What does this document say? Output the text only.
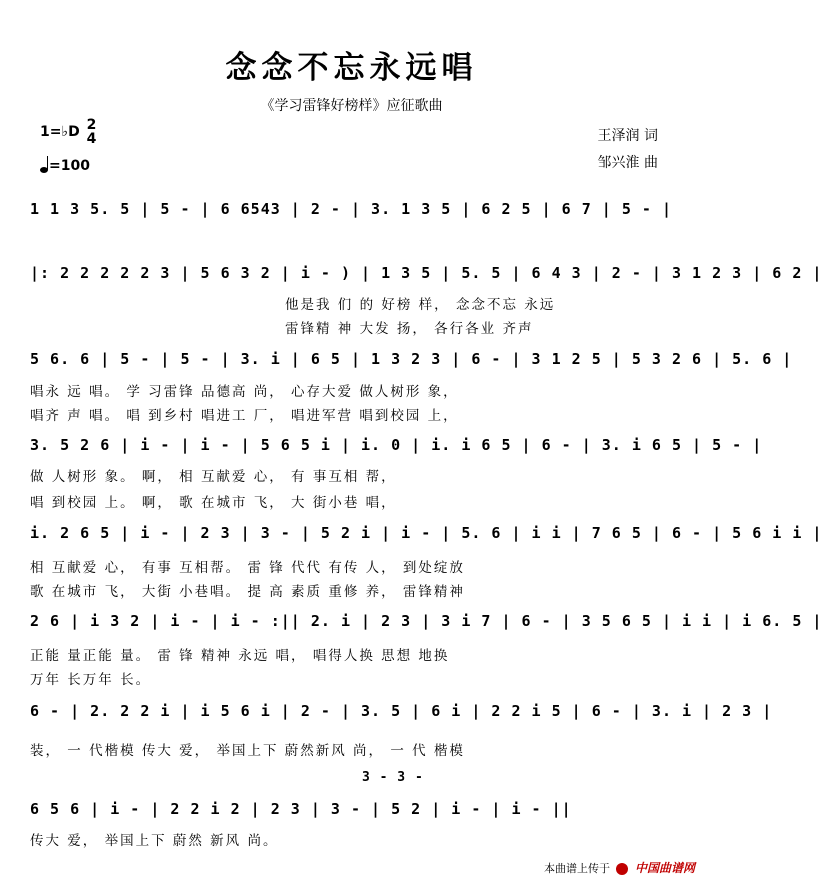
念念不忘永远唱
《学习雷锋好榜样》应征歌曲
1=♭D 2
4
=100
王泽润 词
邹兴淮 曲
1 1 3 5. 5 | 5 - | 6 6543 | 2 - | 3. 1 3 5 | 6 2 5 | 6 7 | 5 - |
|: 2 2 2 2 2 3 | 5 6 3 2 | i - ) | 1 3 5 | 5. 5 | 6 4 3 | 2 - | 3 1 2 3 | 6 2 |
他是我 们 的 好榜 样， 念念不忘 永远
雷锋精 神 大发 扬， 各行各业 齐声
5 6. 6 | 5 - | 5 - | 3. i | 6 5 | 1 3 2 3 | 6 - | 3 1 2 5 | 5 3 2 6 | 5. 6 |
唱永 远 唱。 学 习雷锋 品德高 尚， 心存大爱 做人树形 象，
唱齐 声 唱。 唱 到乡村 唱进工 厂， 唱进军营 唱到校园 上，
3. 5 2 6 | i - | i - | 5 6 5 i | i. 0 | i. i 6 5 | 6 - | 3. i 6 5 | 5 - |
做 人树形 象。 啊， 相 互献爱 心， 有 事互相 帮，
唱 到校园 上。 啊， 歌 在城市 飞， 大 街小巷 唱，
i. 2 6 5 | i - | 2 3 | 3 - | 5 2 i | i - | 5. 6 | i i | 7 6 5 | 6 - | 5 6 i i |
相 互献爱 心， 有事 互相帮。 雷 锋 代代 有传 人， 到处绽放
歌 在城市 飞， 大街 小巷唱。 提 高 素质 重修 养， 雷锋精神
2 6 | i 3 2 | i - | i - :|| 2. i | 2 3 | 3 i 7 | 6 - | 3 5 6 5 | i i | i 6. 5 |
正能 量正能 量。 雷 锋 精神 永远 唱， 唱得人换 思想 地换
万年 长万年 长。
6 - | 2. 2 2 i | i 5 6 i | 2 - | 3. 5 | 6 i | 2 2 i 5 | 6 - | 3. i | 2 3 |
装， 一 代楷模 传大 爱， 举国上下 蔚然新风 尚， 一 代 楷模
3 - 3 -
6 5 6 | i - | 2 2 i 2 | 2 3 | 3 - | 5 2 | i - | i - ||
传大 爱， 举国上下 蔚然 新风 尚。
本曲谱上传于 中国曲谱网
